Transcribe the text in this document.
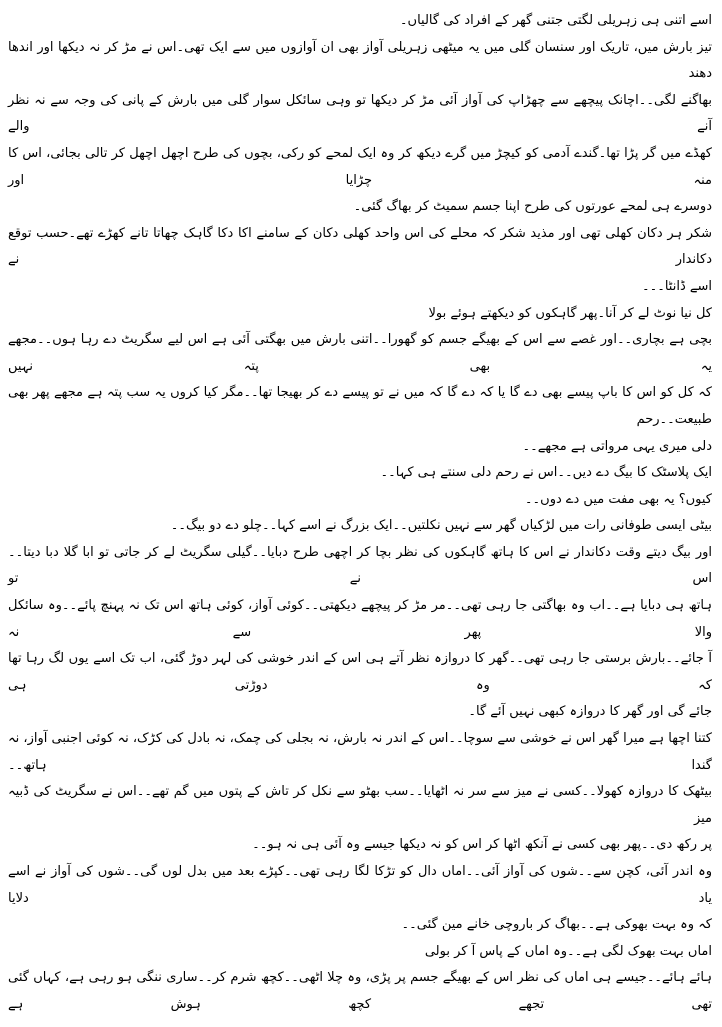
اسے اتنی ہی زہریلی لگتی جتنی گھر کے افراد کی گالیاں۔
تیز بارش میں، تاریک اور سنسان گلی میں یہ میٹھی زہریلی آواز بھی ان آوازوں میں سے ایک تھی۔اس نے مڑ کر نہ دیکھا اور اندھا دھند
بھاگنے لگی۔۔اچانک پیچھے سے چھڑاپ کی آواز آئی مڑ کر دیکھا تو وہی سائکل سوار گلی میں بارش کے پانی کی وجہ سے نہ نظر آنے والے
کھڈے میں گر پڑا تھا۔گندے آدمی کو کیچڑ میں گرے دیکھ کر وہ ایک لمحے کو رکی، بچوں کی طرح اچھل اچھل کر تالی بجائی، اس کا منہ چڑایا اور
دوسرے ہی لمحے عورتوں کی طرح اپنا جسم سمیٹ کر بھاگ گئی۔
شکر ہر دکان کھلی تھی اور مذید شکر کہ محلے کی اس واحد کھلی دکان کے سامنے اکا دکا گاہک چھاتا تانے کھڑے تھے۔حسب توقع دکاندار نے
اسے ڈانٹا۔۔۔
کل نیا نوٹ لے کر آنا۔پھر گاہکوں کو دیکھتے ہوئے بولا
بچی ہے بچاری۔۔اور غصے سے اس کے بھیگے جسم کو گھورا۔۔اتنی بارش میں بھگتی آئی ہے اس لیے سگریٹ دے رہا ہوں۔۔مجھے یہ بھی پتہ نہیں
کہ کل کو اس کا باپ پیسے بھی دے گا یا کہ دے گا کہ میں نے تو پیسے دے کر بھیجا تھا۔۔مگر کیا کروں یہ سب پتہ ہے مجھے پھر بھی طبیعت۔۔رحم
دلی میری یہی مرواتی ہے مجھے۔۔
ایک پلاسٹک کا بیگ دے دیں۔۔اس نے رحم دلی سنتے ہی کہا۔۔
کیوں؟ یہ بھی مفت میں دے دوں۔۔
بیٹی ایسی طوفانی رات میں لڑکیاں گھر سے نہیں نکلتیں۔۔ایک بزرگ نے اسے کہا۔۔چلو دے دو بیگ۔۔
اور بیگ دیتے وقت دکاندار نے اس کا ہاتھ گاہکوں کی نظر بچا کر اچھی طرح دبایا۔۔گیلی سگریٹ لے کر جاتی تو ابا گلا دبا دیتا۔۔اس نے تو
ہاتھ ہی دبایا ہے۔۔اب وہ بھاگتی جا رہی تھی۔۔مر مڑ کر پیچھے دیکھتی۔۔کوئی آواز، کوئی ہاتھ اس تک نہ پہنچ پائے۔۔وہ سائکل والا پھر سے نہ
آ جائے۔۔بارش برستی جا رہی تھی۔۔گھر کا دروازہ نظر آتے ہی اس کے اندر خوشی کی لہر دوڑ گئی، اب تک اسے یوں لگ رہا تھا کہ وہ دوڑتی ہی
جائے گی اور گھر کا دروازہ کبھی نہیں آئے گا۔
کتنا اچھا ہے میرا گھر اس نے خوشی سے سوچا۔۔اس کے اندر نہ بارش، نہ بجلی کی چمک، نہ بادل کی کڑک، نہ کوئی اجنبی آواز، نہ گندا ہاتھ۔۔
بیٹھک کا دروازہ کھولا۔۔کسی نے میز سے سر نہ اٹھایا۔۔سب بھٹو سے نکل کر تاش کے پتوں میں گم تھے۔۔اس نے سگریٹ کی ڈبیہ میز
پر رکھ دی۔۔پھر بھی کسی نے آنکھ اٹھا کر اس کو نہ دیکھا جیسے وہ آئی ہی نہ ہو۔۔
وہ اندر آئی، کچن سے۔۔شوں کی آواز آئی۔۔اماں دال کو تڑکا لگا رہی تھی۔۔کپڑے بعد میں بدل لوں گی۔۔شوں کی آواز نے اسے یاد دلایا
کہ وہ بہت بھوکی ہے۔۔بھاگ کر باروچی خانے مین گئی۔۔
اماں بہت بھوک لگی ہے۔۔وہ اماں کے پاس آ کر بولی
ہائے ہائے۔۔جیسے ہی اماں کی نظر اس کے بھیگے جسم پر پڑی، وہ چلا اٹھی۔۔کچھ شرم کر۔۔ساری ننگی ہو رہی ہے، کہاں گئی تھی تجھے کچھ ہوش ہے
